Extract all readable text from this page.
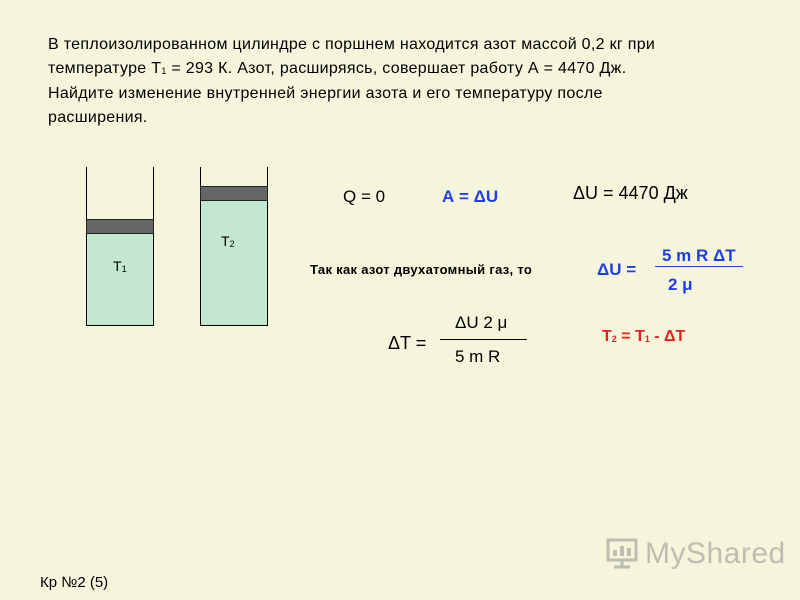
В теплоизолированном цилиндре с поршнем находится азот массой 0,2 кг при
температуре $Т_1 = 293$ К. Азот, расширяясь, совершает работу А = 4470 Дж.
Найдите изменение внутренней энергии азота и его температуру после
расширения.
$Т_1$
$Т_2$
Q = 0	А = ΔU	ΔU = 4470 Дж
Так как азот двухатомный газ, то	ΔU =
5 m R ΔT
2 μ
ΔT =
ΔU 2 μ
5 m R
$Т_2 = Т_1 - \Delta Т$
Кр №2 (5)
MyShared
